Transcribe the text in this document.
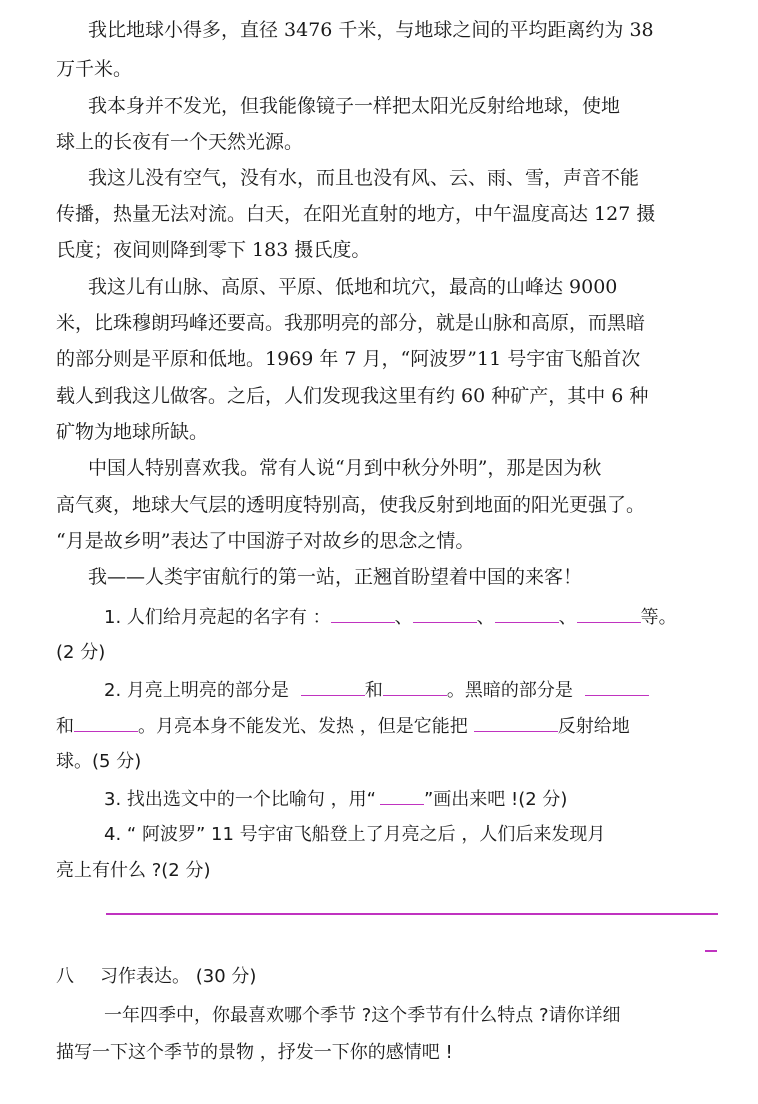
我比地球小得多，直径 3476 千米，与地球之间的平均距离约为 38
万千米。
我本身并不发光，但我能像镜子一样把太阳光反射给地球，使地
球上的长夜有一个天然光源。
我这儿没有空气，没有水，而且也没有风、云、雨、雪，声音不能
传播，热量无法对流。白天，在阳光直射的地方，中午温度高达 127 摄
氏度；夜间则降到零下 183 摄氏度。
我这儿有山脉、高原、平原、低地和坑穴，最高的山峰达 9000
米，比珠穆朗玛峰还要高。我那明亮的部分，就是山脉和高原，而黑暗
的部分则是平原和低地。1969 年 7 月，“阿波罗”11 号宇宙飞船首次
载人到我这儿做客。之后，人们发现我这里有约 60 种矿产，其中 6 种
矿物为地球所缺。
中国人特别喜欢我。常有人说“月到中秋分外明”，那是因为秋
高气爽，地球大气层的透明度特别高，使我反射到地面的阳光更强了。
“月是故乡明”表达了中国游子对故乡的思念之情。
我——人类宇宙航行的第一站，正翘首盼望着中国的来客！
1. 人们给月亮起的名字有 ：	、	、	、	等。
(2 分)
2. 月亮上明亮的部分是	和	。黑暗的部分是
和	。月亮本身不能发光、发热 ，但是它能把	反射给地
球。(5 分)
3. 找出选文中的一个比喻句 ，用“	”画出来吧 !(2 分)
4. “ 阿波罗” 11 号宇宙飞船登上了月亮之后 ，人们后来发现月
亮上有什么 ?(2 分)
八 习作表达。 (30 分)
一年四季中，你最喜欢哪个季节 ?这个季节有什么特点 ?请你详细
描写一下这个季节的景物 ，抒发一下你的感情吧 !
